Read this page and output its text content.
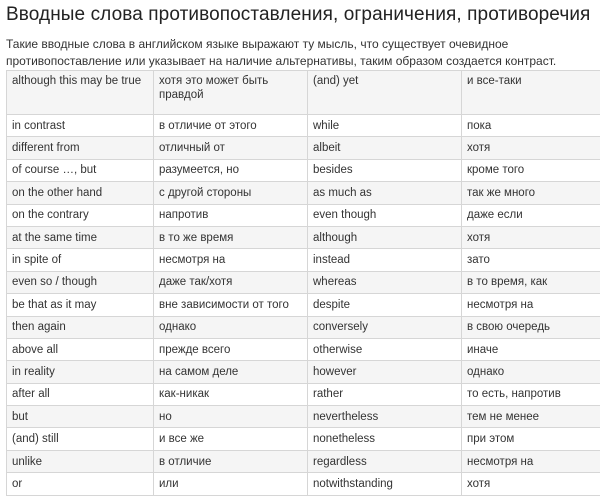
Вводные слова противопоставления, ограничения, противоречия
Такие вводные слова в английском языке выражают ту мысль, что существует очевидное противопоставление или указывает на наличие альтернативы, таким образом создается контраст.
although this may be true	хотя это может быть правдой	(and) yet	и все-таки
in contrast	в отличие от этого	while	пока
different from	отличный от	albeit	хотя
of course …, but	разумеется, но	besides	кроме того
on the other hand	с другой стороны	as much as	так же много
on the contrary	напротив	even though	даже если
at the same time	в то же время	although	хотя
in spite of	несмотря на	instead	зато
even so / though	даже так/хотя	whereas	в то время, как
be that as it may	вне зависимости от того	despite	несмотря на
then again	однако	conversely	в свою очередь
above all	прежде всего	otherwise	иначе
in reality	на самом деле	however	однако
after all	как-никак	rather	то есть, напротив
but	но	nevertheless	тем не менее
(and) still	и все же	nonetheless	при этом
unlike	в отличие	regardless	несмотря на
or	или	notwithstanding	хотя
